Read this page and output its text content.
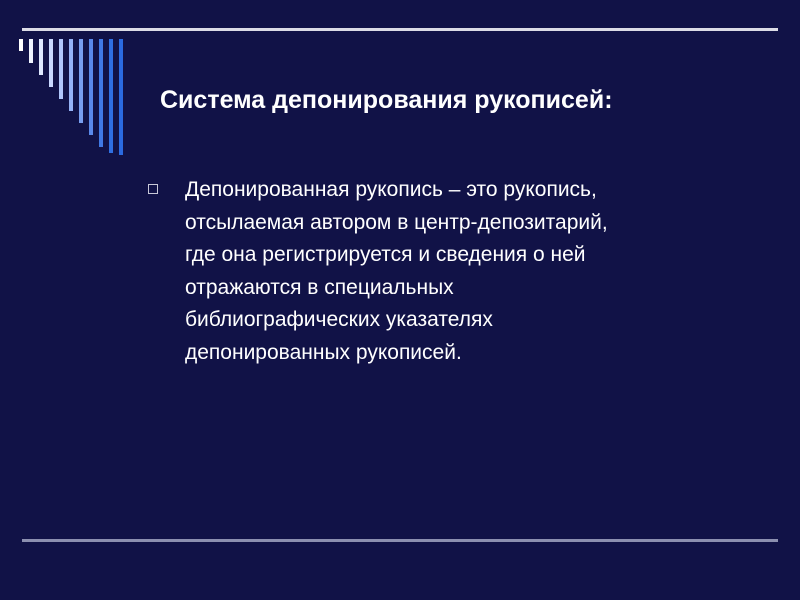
Система депонирования рукописей:
Депонированная рукопись – это рукопись,
отсылаемая автором в центр-депозитарий,
где она регистрируется и сведения о ней
отражаются в специальных
библиографических указателях
депонированных рукописей.
